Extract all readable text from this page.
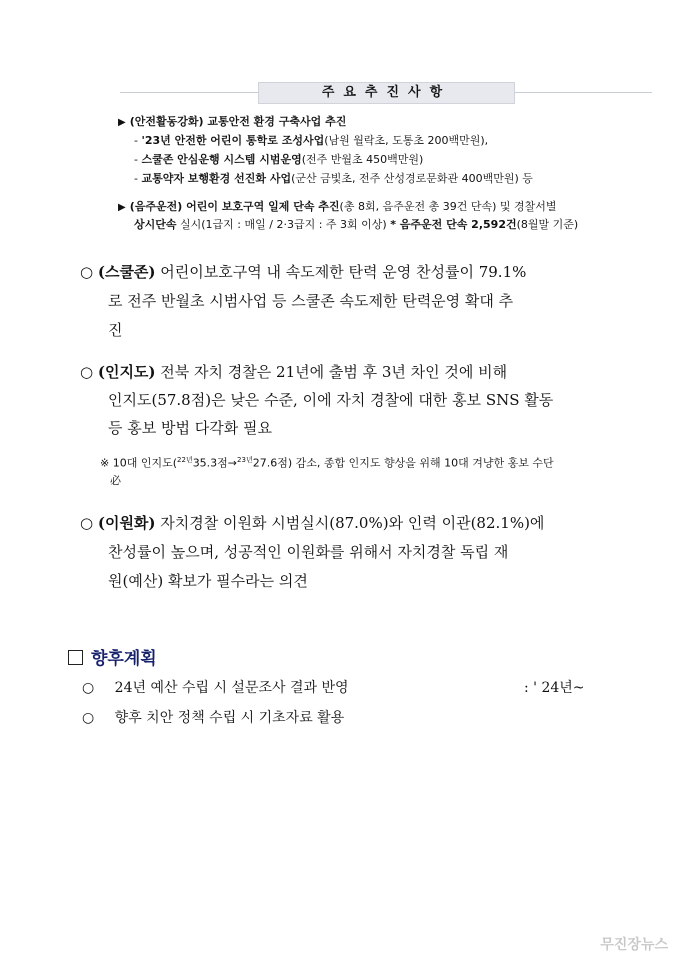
주요추진사항
▶ (안전활동강화) 교통안전 환경 구축사업 추진
- '23년 안전한 어린이 통학로 조성사업(남원 월락초, 도통초 200백만원),
- 스쿨존 안심운행 시스템 시범운영(전주 반월초 450백만원)
- 교통약자 보행환경 선진화 사업(군산 금빛초, 전주 산성경로문화관 400백만원) 등
▶ (음주운전) 어린이 보호구역 일제 단속 추진(총 8회, 음주운전 총 39건 단속) 및 경찰서별
상시단속 실시(1급지 : 매일 / 2·3급지 : 주 3회 이상) * 음주운전 단속 2,592건(8월말 기준)
○ (스쿨존) 어린이보호구역 내 속도제한 탄력 운영 찬성률이 79.1%
로 전주 반월초 시범사업 등 스쿨존 속도제한 탄력운영 확대 추
진
○ (인지도) 전북 자치 경찰은 21년에 출범 후 3년 차인 것에 비해
인지도(57.8점)은 낮은 수준, 이에 자치 경찰에 대한 홍보 SNS 활동
등 홍보 방법 다각화 필요
※ 10대 인지도($^{22년}$35.3점→$^{23년}$27.6점) 감소, 종합 인지도 향상을 위해 10대 겨냥한 홍보 수단
必
○ (이원화) 자치경찰 이원화 시범실시(87.0%)와 인력 이관(82.1%)에
찬성률이 높으며, 성공적인 이원화를 위해서 자치경찰 독립 재
원(예산) 확보가 필수라는 의견
향후계획
○ 24년 예산 수립 시 설문조사 결과 반영	: ' 24년~
○ 향후 치안 정책 수립 시 기초자료 활용
무진장뉴스
